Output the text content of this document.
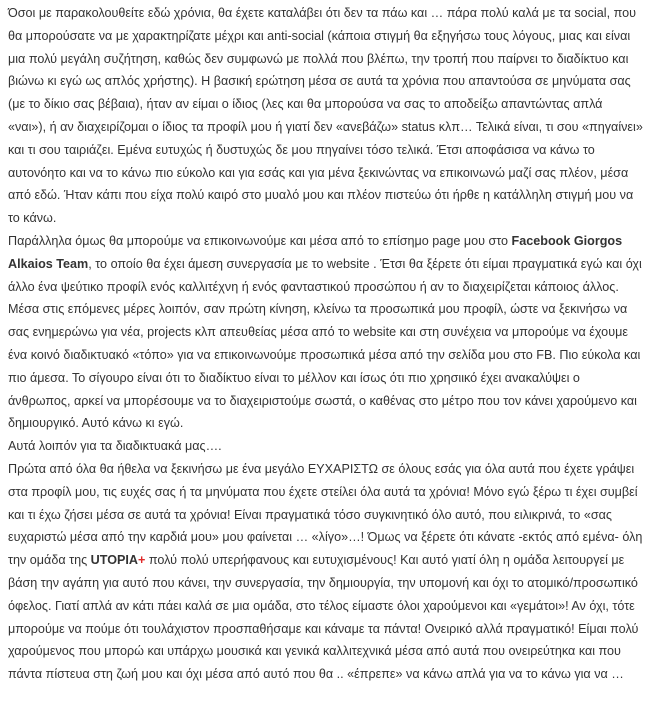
Όσοι με παρακολουθείτε εδώ χρόνια, θα έχετε καταλάβει ότι δεν τα πάω και … πάρα πολύ καλά με τα social, που θα μπορούσατε να με χαρακτηρίζατε μέχρι και anti-social (κάποια στιγμή θα εξηγήσω τους λόγους, μιας και είναι μια πολύ μεγάλη συζήτηση, καθώς δεν συμφωνώ με πολλά που βλέπω, την τροπή που παίρνει το διαδίκτυο και βιώνω κι εγώ ως απλός χρήστης). Η βασική ερώτηση μέσα σε αυτά τα χρόνια που απαντούσα σε μηνύματα σας (με το δίκιο σας βέβαια), ήταν αν είμαι ο ίδιος (λες και θα μπορούσα να σας το αποδείξω απαντώντας απλά «ναι»), ή αν διαχειρίζομαι ο ίδιος τα προφίλ μου ή γιατί δεν «ανεβάζω» status κλπ… Τελικά είναι, τι σου «πηγαίνει» και τι σου ταιριάζει. Εμένα ευτυχώς ή δυστυχώς δε μου πηγαίνει τόσο τελικά. Έτσι αποφάσισα να κάνω το αυτονόητο και να το κάνω πιο εύκολο και για εσάς και για μένα ξεκινώντας να επικοινωνώ μαζί σας πλέον, μέσα από εδώ. Ήταν κάπι που είχα πολύ καιρό στο μυαλό μου και πλέον πιστεύω ότι ήρθε η κατάλληλη στιγμή μου να το κάνω.

Παράλληλα όμως θα μπορούμε να επικοινωνούμε και μέσα από το επίσημο page μου στο Facebook Giorgos Alkaios Team, το οποίο θα έχει άμεση συνεργασία με το website . Έτσι θα ξέρετε ότι είμαι πραγματικά εγώ και όχι άλλο ένα ψεύτικο προφίλ ενός καλλιτέχνη ή ενός φανταστικού προσώπου ή αν το διαχειρίζεται κάποιος άλλος. Μέσα στις επόμενες μέρες λοιπόν, σαν πρώτη κίνηση, κλείνω τα προσωπικά μου προφίλ, ώστε να ξεκινήσω να σας ενημερώνω για νέα, projects κλπ απευθείας μέσα από το website και στη συνέχεια να μπορούμε να έχουμε ένα κοινό διαδικτυακό «τόπο» για να επικοινωνούμε προσωπικά μέσα από την σελίδα μου στο FB. Πιο εύκολα και πιο άμεσα. Το σίγουρο είναι ότι το διαδίκτυο είναι το μέλλον και ίσως ότι πιο χρησιικό έχει ανακαλύψει ο άνθρωπος, αρκεί να μπορέσουμε να το διαχειριστούμε σωστά, ο καθένας στο μέτρο που τον κάνει χαρούμενο και δημιουργικό. Αυτό κάνω κι εγώ.

Αυτά λοιπόν για τα διαδικτυακά μας….

Πρώτα από όλα θα ήθελα να ξεκινήσω με ένα μεγάλο ΕΥΧΑΡΙΣΤΩ σε όλους εσάς για όλα αυτά που έχετε γράψει στα προφίλ μου, τις ευχές σας ή τα μηνύματα που έχετε στείλει όλα αυτά τα χρόνια! Μόνο εγώ ξέρω τι έχει συμβεί και τι έχω ζήσει μέσα σε αυτά τα χρόνια! Είναι πραγματικά τόσο συγκινητικό όλο αυτό, που ειλικρινά, το «σας ευχαριστώ μέσα από την καρδιά μου» μου φαίνεται … «λίγο»…! Όμως να ξέρετε ότι κάνατε -εκτός από εμένα- όλη την ομάδα της UTOPIA+ πολύ πολύ υπερήφανους και ευτυχισμένους! Και αυτό γιατί όλη η ομάδα λειτουργεί με βάση την αγάπη για αυτό που κάνει, την συνεργασία, την δημιουργία, την υπομονή και όχι το ατομικό/προσωπικό όφελος. Γιατί απλά αν κάτι πάει καλά σε μια ομάδα, στο τέλος είμαστε όλοι χαρούμενοι και «γεμάτοι»! Αν όχι, τότε μπορούμε να πούμε ότι τουλάχιστον προσπαθήσαμε και κάναμε τα πάντα! Ονειρικό αλλά πραγματικό! Είμαι πολύ χαρούμενος που μπορώ και υπάρχω μουσικά και γενικά καλλιτεχνικά μέσα από αυτά που ονειρεύτηκα και που πάντα πίστευα στη ζωή μου και όχι μέσα από αυτό που θα .. «έπρεπε» να κάνω απλά για να το κάνω για να …
